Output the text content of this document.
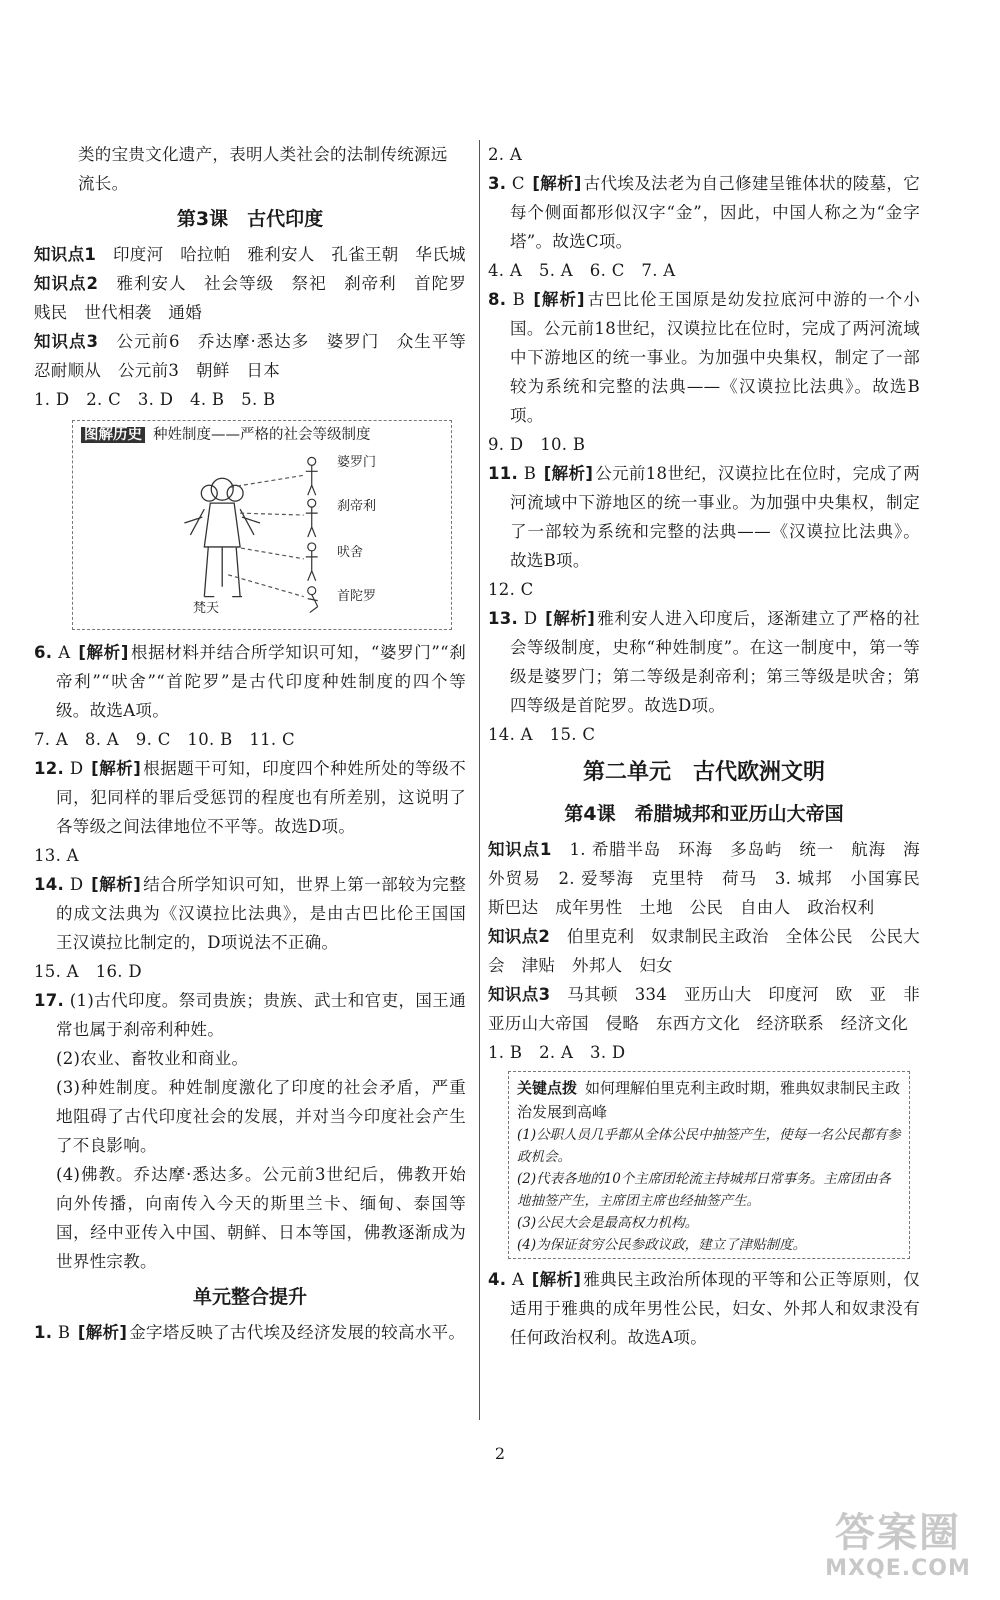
类的宝贵文化遗产，表明人类社会的法制传统源远
流长。

第3课　古代印度

知识点1　 印度河　哈拉帕　雅利安人　孔雀王朝　华氏城

知识点2　 雅利安人　社会等级　祭祀　刹帝利　首陀罗　贱民　世代相袭　通婚

知识点3　 公元前6　乔达摩·悉达多　婆罗门　众生平等　忍耐顺从　公元前3　朝鲜　日本

1. D　2. C　3. D　4. B　5. B

图解历史 种姓制度——严格的社会等级制度
婆罗门
刹帝利
吠舍
首陀罗
梵天

6. A [ 解析 ] 根据材料并结合所学知识可知，“婆罗门”“刹帝利”“吠舍”“首陀罗”是古代印度种姓制度的四个等级。故选A项。

7. A　8. A　9. C　10. B　11. C

12. D [ 解析 ] 根据题干可知，印度四个种姓所处的等级不同，犯同样的罪后受惩罚的程度也有所差别，这说明了各等级之间法律地位不平等。故选D项。

13. A

14. D [ 解析 ] 结合所学知识可知，世界上第一部较为完整的成文法典为《汉谟拉比法典》，是由古巴比伦王国国王汉谟拉比制定的，D项说法不正确。

15. A　16. D

17. (1)古代印度。祭司贵族；贵族、武士和官吏，国王通常也属于刹帝利种姓。

(2)农业、畜牧业和商业。

(3)种姓制度。种姓制度激化了印度的社会矛盾，严重地阻碍了古代印度社会的发展，并对当今印度社会产生了不良影响。

(4)佛教。乔达摩·悉达多。公元前3世纪后，佛教开始向外传播，向南传入今天的斯里兰卡、缅甸、泰国等国，经中亚传入中国、朝鲜、日本等国，佛教逐渐成为世界性宗教。

单元整合提升

1. B [ 解析 ] 金字塔反映了古代埃及经济发展的较高水平。

2. A

3. C [ 解析 ] 古代埃及法老为自己修建呈锥体状的陵墓，它每个侧面都形似汉字“金”，因此，中国人称之为“金字塔”。故选C项。

4. A　5. A　6. C　7. A

8. B [ 解析 ] 古巴比伦王国原是幼发拉底河中游的一个小国。公元前18世纪，汉谟拉比在位时，完成了两河流域中下游地区的统一事业。为加强中央集权，制定了一部较为系统和完整的法典——《汉谟拉比法典》。故选B项。

9. D　10. B

11. B [ 解析 ] 公元前18世纪，汉谟拉比在位时，完成了两河流域中下游地区的统一事业。为加强中央集权，制定了一部较为系统和完整的法典——《汉谟拉比法典》。故选B项。

12. C

13. D [ 解析 ] 雅利安人进入印度后，逐渐建立了严格的社会等级制度，史称“种姓制度”。在这一制度中，第一等级是婆罗门；第二等级是刹帝利；第三等级是吠舍；第四等级是首陀罗。故选D项。

14. A　15. C

第二单元　古代欧洲文明
第4课　希腊城邦和亚历山大帝国

知识点1　 1. 希腊半岛　环海　多岛屿　统一　航海　海外贸易　2. 爱琴海　克里特　荷马　3. 城邦　小国寡民　斯巴达　成年男性　土地　公民　自由人　政治权利

知识点2　 伯里克利　奴隶制民主政治　全体公民　公民大会　津贴　外邦人　妇女

知识点3　 马其顿　334　亚历山大　印度河　欧　亚　非　亚历山大帝国　侵略　东西方文化　经济联系　经济文化

1. B　2. A　3. D

关键点拨 如何理解伯里克利主政时期，雅典奴隶制民主政治发展到高峰
(1)公职人员几乎都从全体公民中抽签产生，使每一名公民都有参政机会。
(2)代表各地的10个主席团轮流主持城邦日常事务。主席团由各地抽签产生，主席团主席也经抽签产生。
(3)公民大会是最高权力机构。
(4)为保证贫穷公民参政议政，建立了津贴制度。

4. A [ 解析 ] 雅典民主政治所体现的平等和公正等原则，仅适用于雅典的成年男性公民，妇女、外邦人和奴隶没有任何政治权利。故选A项。

2
答案圈
MXQE.COM
